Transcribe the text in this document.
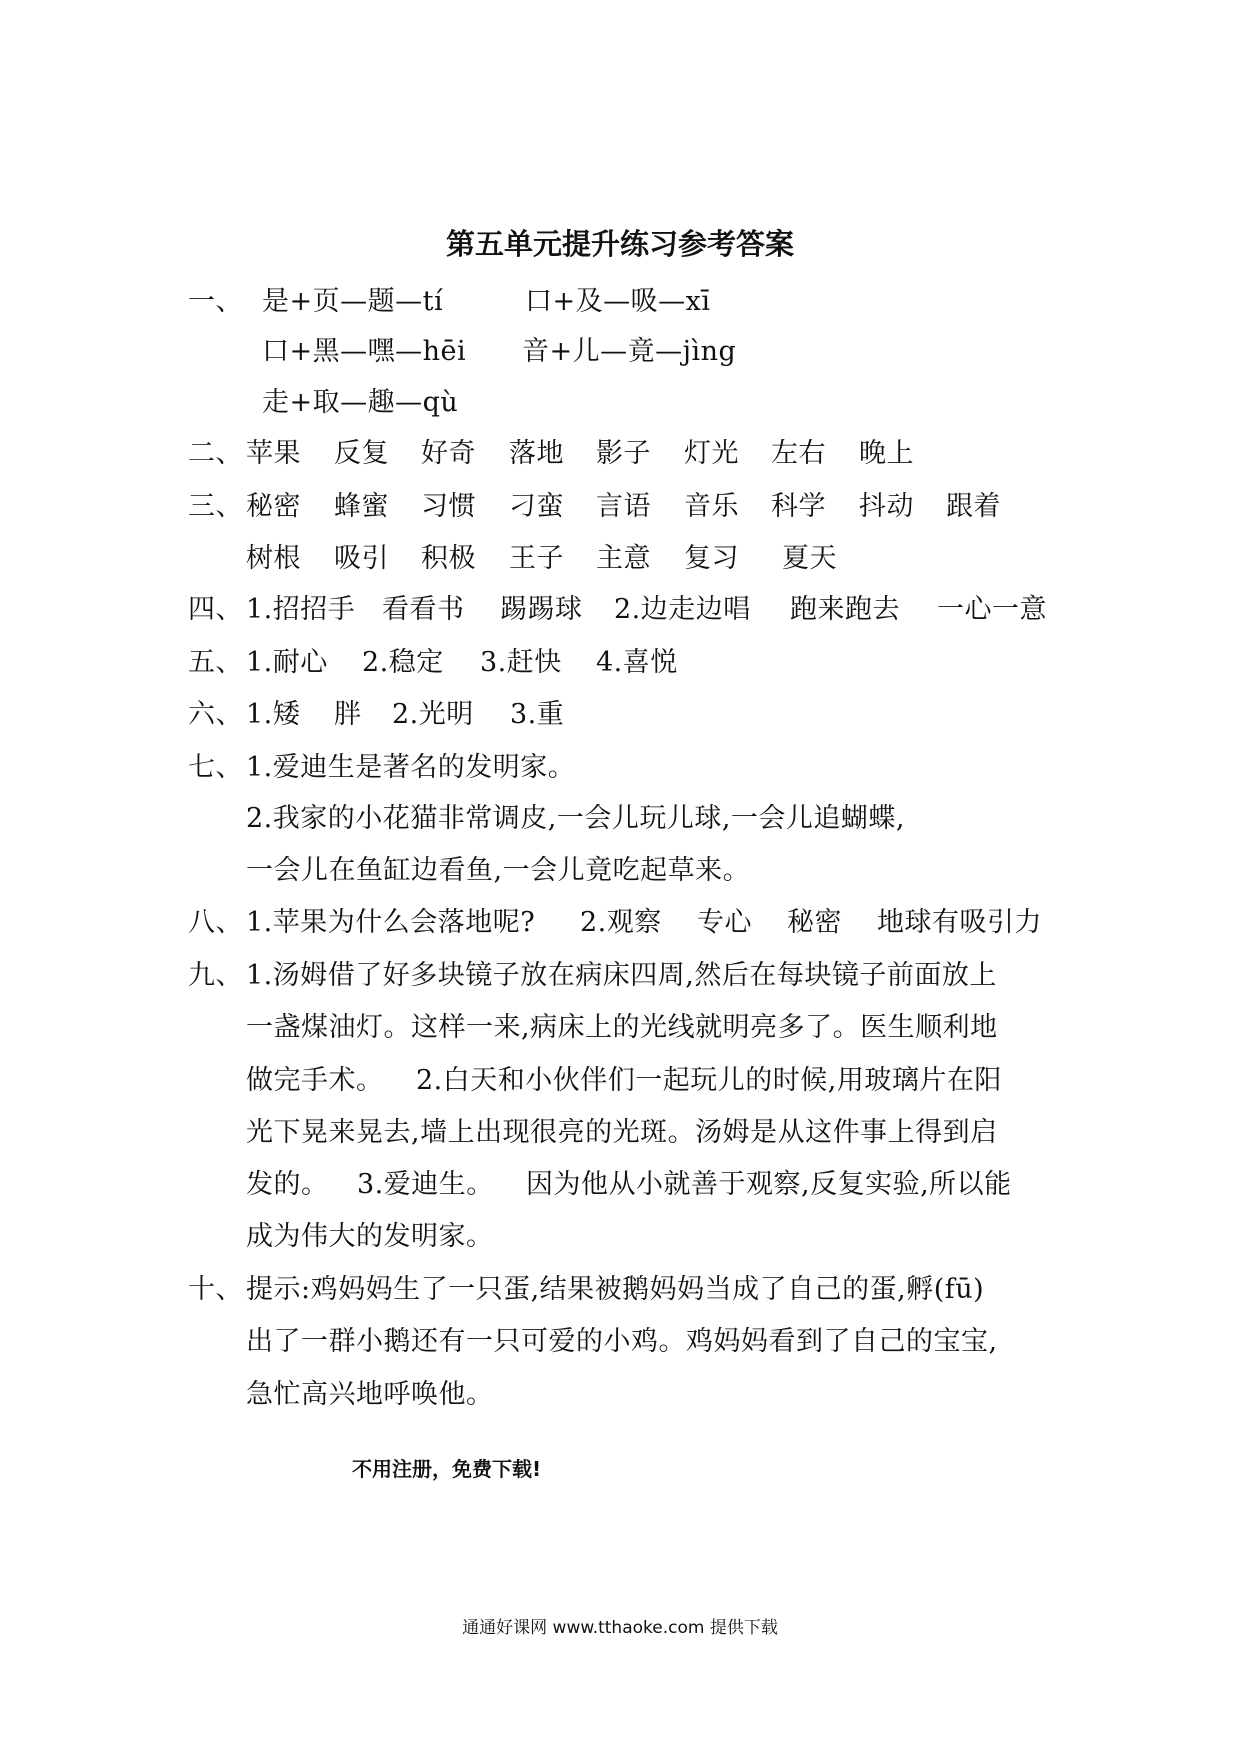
第五单元提升练习参考答案
一、 是+页—题—tí	口+及—吸—xī
口+黑—嘿—hēi 音+儿—竟—jìng
走+取—趣—qù
二、 苹果 反复 好奇 落地 影子 灯光 左右 晚上
三、 秘密 蜂蜜 习惯 刁蛮 言语 音乐 科学 抖动 跟着
树根 吸引 积极 王子 主意 复习 夏天
四、 1.招招手 看看书 踢踢球 2.边走边唱 跑来跑去 一心一意
五、 1.耐心 2.稳定 3.赶快 4.喜悦
六、 1.矮 胖 2.光明 3.重
七、 1.爱迪生是著名的发明家。
2.我家的小花猫非常调皮,一会儿玩儿球,一会儿追蝴蝶,
一会儿在鱼缸边看鱼,一会儿竟吃起草来。
八、 1.苹果为什么会落地呢? 2.观察 专心 秘密 地球有吸引力
九、 1.汤姆借了好多块镜子放在病床四周,然后在每块镜子前面放上
一盏煤油灯。这样一来,病床上的光线就明亮多了。医生顺利地
做完手术。 2.白天和小伙伴们一起玩儿的时候,用玻璃片在阳
光下晃来晃去,墙上出现很亮的光斑。汤姆是从这件事上得到启
发的。 3.爱迪生。 因为他从小就善于观察,反复实验,所以能
成为伟大的发明家。
十、 提示:鸡妈妈生了一只蛋,结果被鹅妈妈当成了自己的蛋,孵(fū)
出了一群小鹅还有一只可爱的小鸡。鸡妈妈看到了自己的宝宝,
急忙高兴地呼唤他。
不用注册，免费下载!
通通好课网 www.tthaoke.com 提供下载
